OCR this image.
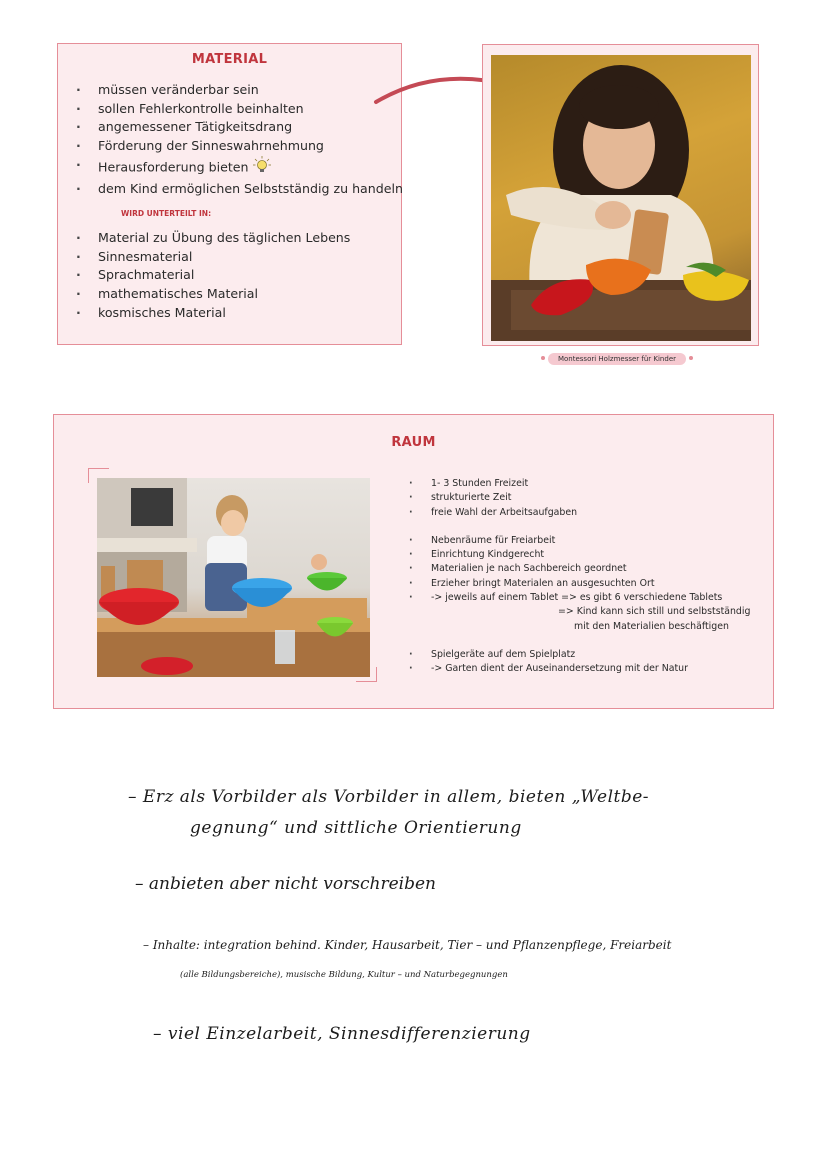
MATERIAL
· müssen veränderbar sein
· sollen Fehlerkontrolle beinhalten
· angemessener Tätigkeitsdrang
· Förderung der Sinneswahrnehmung
· Herausforderung bieten
· dem Kind ermöglichen Selbstständig zu handeln
WIRD UNTERTEILT IN:
· Material zu Übung des täglichen Lebens
· Sinnesmaterial
· Sprachmaterial
· mathematisches Material
· kosmisches Material
Montessori Holzmesser für Kinder
RAUM
· 1- 3 Stunden Freizeit
· strukturierte Zeit
· freie Wahl der Arbeitsaufgaben
· Nebenräume für Freiarbeit
· Einrichtung Kindgerecht
· Materialien je nach Sachbereich geordnet
· Erzieher bringt Materialen an ausgesuchten Ort
· -> jeweils auf einem Tablet => es gibt 6 verschiedene Tablets
=> Kind kann sich still und selbstständig
mit den Materialien beschäftigen
· Spielgeräte auf dem Spielplatz
· -> Garten dient der Auseinandersetzung mit der Natur
– Erz als Vorbilder als Vorbilder in allem, bieten „Weltbe-
gegnung“ und sittliche Orientierung
– anbieten aber nicht vorschreiben
– Inhalte: integration behind. Kinder, Hausarbeit, Tier – und Pflanzenpflege, Freiarbeit
(alle Bildungsbereiche), musische Bildung, Kultur – und Naturbegegnungen
– viel Einzelarbeit, Sinnesdifferenzierung
